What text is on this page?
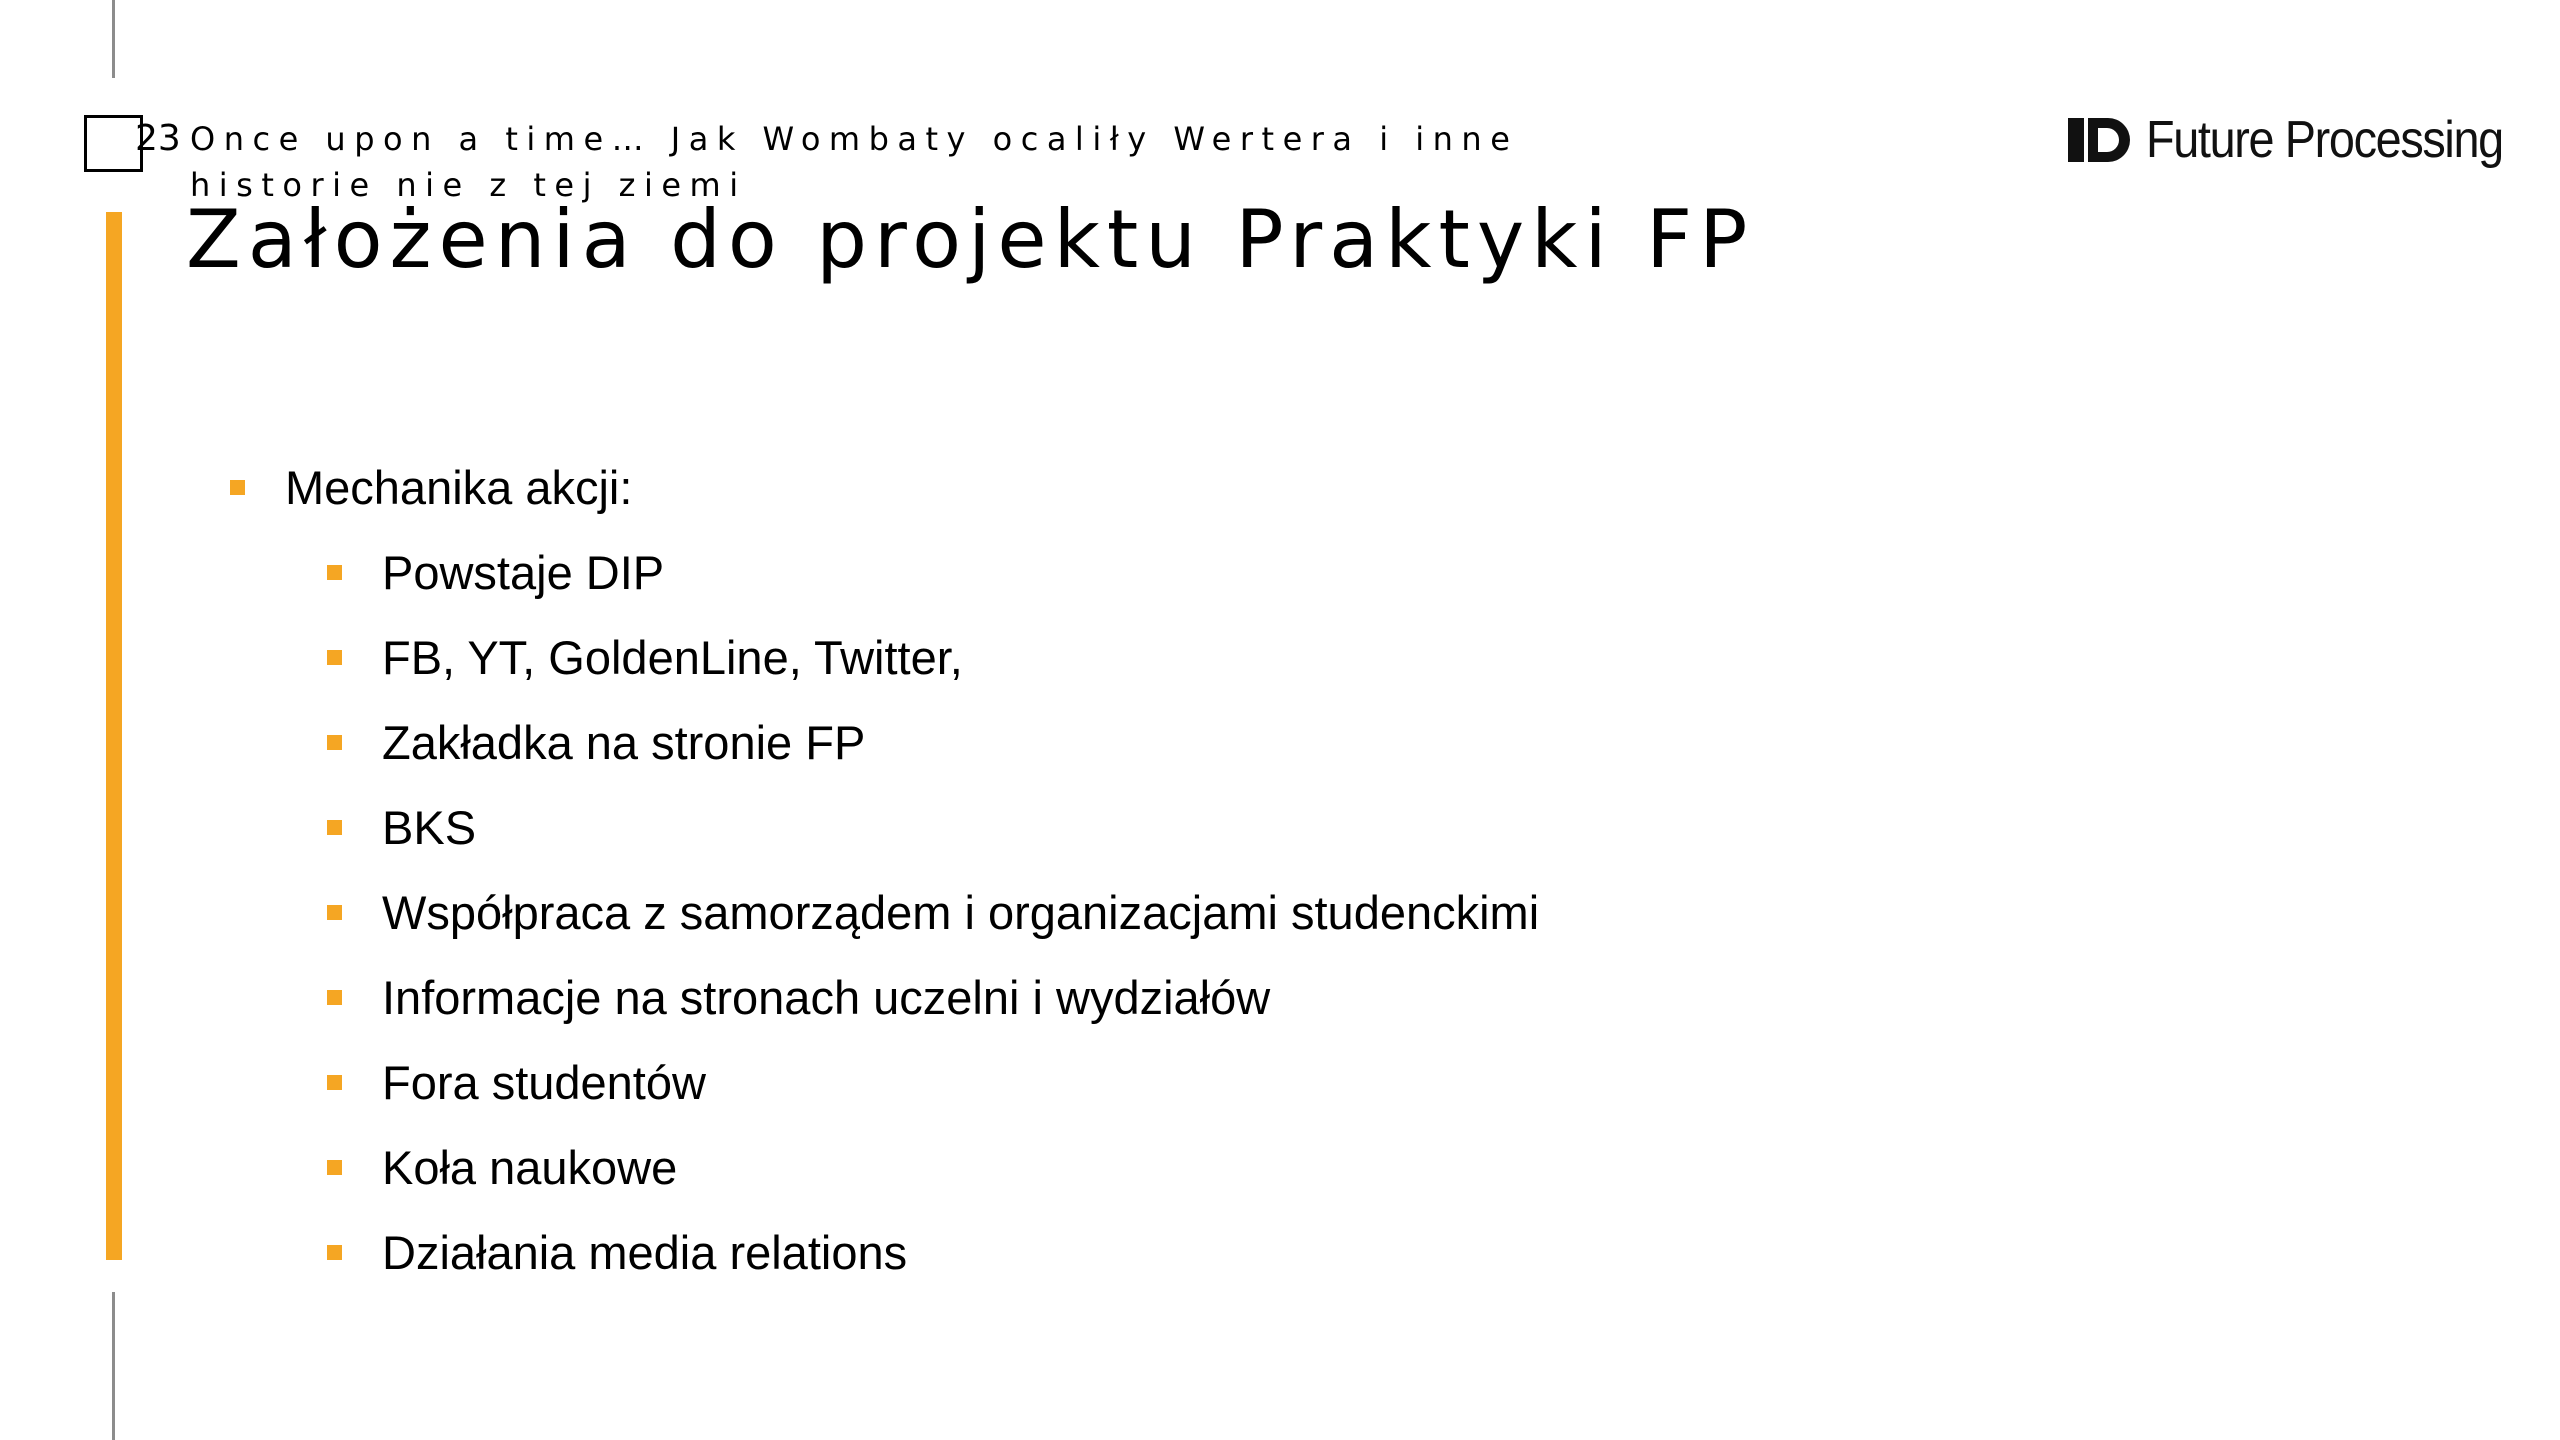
23 Once upon a time… Jak Wombaty ocaliły Wertera i inne historie nie z tej ziemi
Założenia do projektu Praktyki FP
Future Processing
Mechanika akcji:
Powstaje DIP
FB, YT, GoldenLine, Twitter,
Zakładka na stronie FP
BKS
Współpraca z samorządem i organizacjami studenckimi
Informacje na stronach uczelni i wydziałów
Fora studentów
Koła naukowe
Działania media relations
